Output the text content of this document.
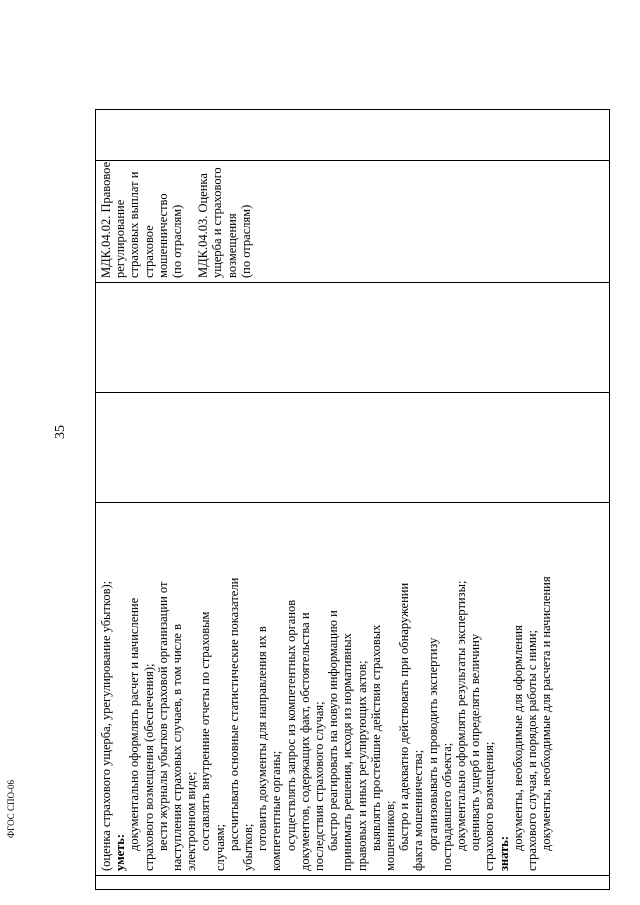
35

(оценка страхового ущерба, урегулирование убытков); уметь:
документально оформлять расчет и начисление страхового возмещения (обеспечения); вести журналы убытков страховой организации от наступления страховых случаев, в том числе в электронном виде; составлять внутренние отчеты по страховым случаям; рассчитывать основные статистические показатели убытков; готовить документы для направления их в компетентные органы; осуществлять запрос из компетентных органов документов, содержащих факт, обстоятельства и последствия страхового случая; быстро реагировать на новую информацию и принимать решения, исходя из нормативных правовых и иных регулирующих актов; выявлять простейшие действия страховых мошенников; быстро и адекватно действовать при обнаружении факта мошенничества; организовывать и проводить экспертизу пострадавшего объекта; документально оформлять результаты экспертизы; оценивать ущерб и определять величину страхового возмещения; знать:
документы, необходимые для оформления страхового случая, и порядок работы с ними; документы, необходимые для расчета и начисления

МДК.04.02. Правовое регулирование страховых выплат и страховое мошенничество (по отраслям) МДК.04.03. Оценка ущерба и страхового возмещения (по отраслям)

ФГОС СПО-06
